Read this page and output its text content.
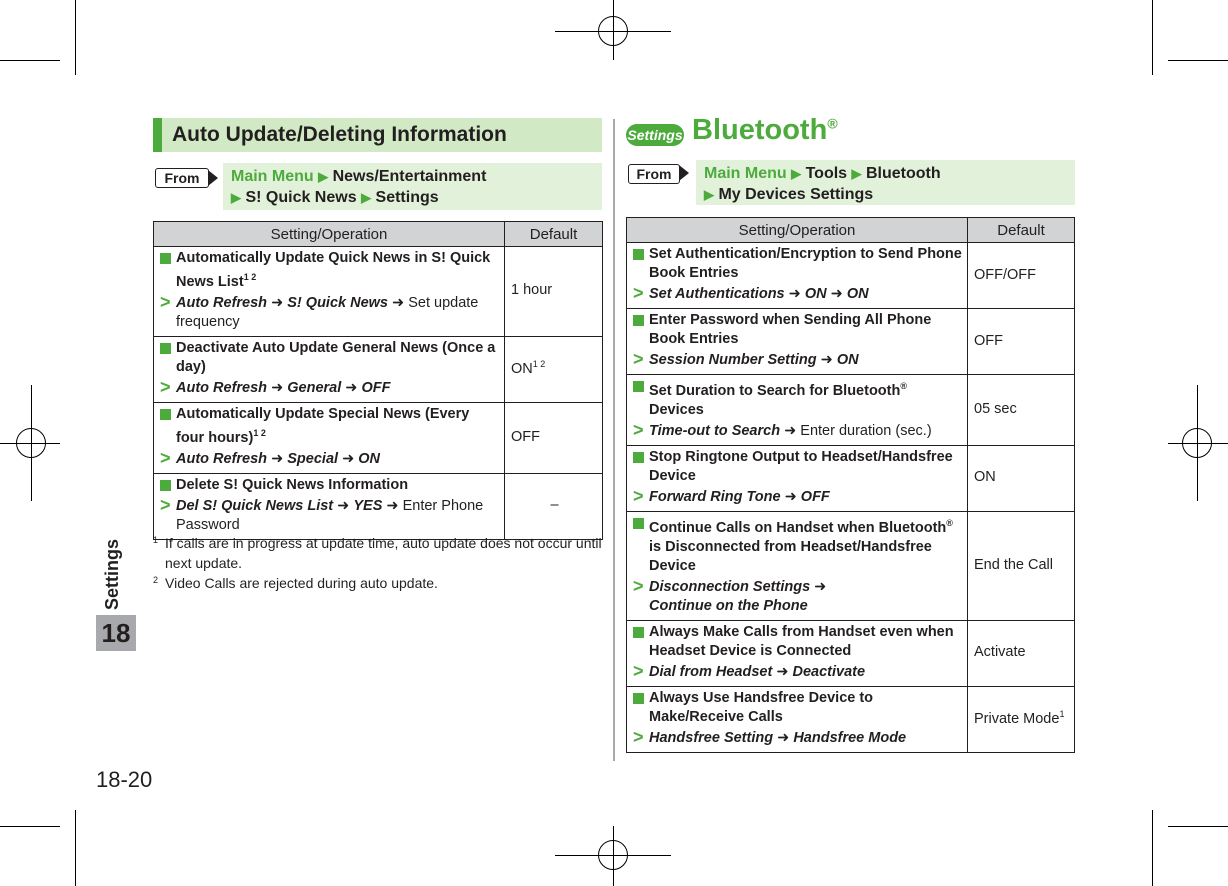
Settings
18
18-20
Auto Update/Deleting Information
From	Main Menu ▶ News/Entertainment
▶ S! Quick News ▶ Settings
Setting/Operation	Default

Automatically Update Quick News in S! Quick News List$^{1 2}$
> Auto Refresh ➜ S! Quick News ➜ Set update frequency	1 hour

Deactivate Auto Update General News (Once a day)
> Auto Refresh ➜ General ➜ OFF	$ON^{1 2}$

Automatically Update Special News (Every four hours)$^{1 2}$
> Auto Refresh ➜ Special ➜ ON	OFF

Delete S! Quick News Information
> Del S! Quick News List ➜ YES ➜ Enter Phone Password	–
1 If calls are in progress at update time, auto update does not occur until next update.
2 Video Calls are rejected during auto update.
Settings Bluetooth®
From	Main Menu ▶ Tools ▶ Bluetooth
▶ My Devices Settings
Setting/Operation	Default

Set Authentication/Encryption to Send Phone Book Entries
> Set Authentications ➜ ON ➜ ON	OFF/OFF

Enter Password when Sending All Phone Book Entries
> Session Number Setting ➜ ON	OFF

Set Duration to Search for Bluetooth® Devices
> Time-out to Search ➜ Enter duration (sec.)	05 sec

Stop Ringtone Output to Headset/Handsfree Device
> Forward Ring Tone ➜ OFF	ON

Continue Calls on Handset when Bluetooth® is Disconnected from Headset/Handsfree Device
> Disconnection Settings ➜
Continue on the Phone	End the Call

Always Make Calls from Handset even when Headset Device is Connected
> Dial from Headset ➜ Deactivate	Activate

Always Use Handsfree Device to Make/Receive Calls
> Handsfree Setting ➜ Handsfree Mode	Private Mode$^1$
